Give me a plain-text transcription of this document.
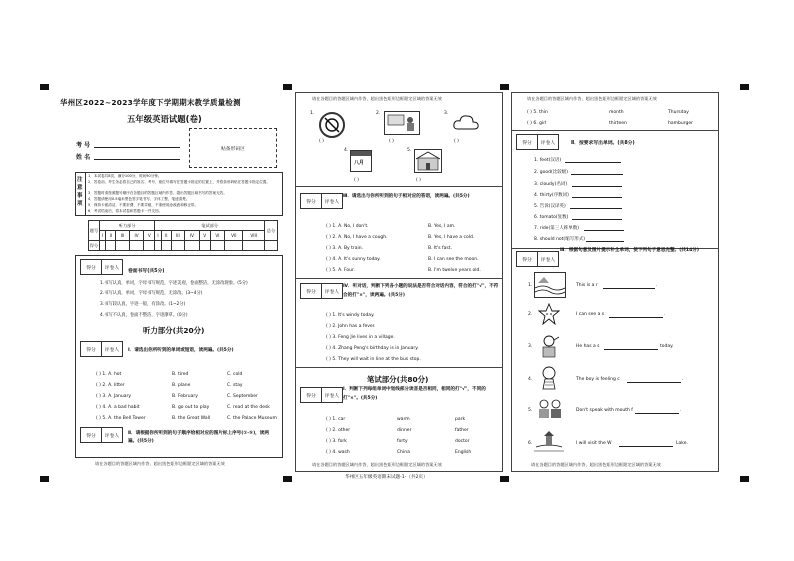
华州区2022~2023学年度下学期期末教学质量检测
五年级英语试题(卷)
考 号
姓 名
贴条形码区
注意事项
1．本试卷共8页，满分100分，时间90分钟。
2．答卷前，考生务必将自己的姓名、考号、座位号填写在答题卡指定的位置上，并将条形码贴在答题卡指定位置。
3．答题时请按照题号顺序在各题目的答题区域内作答，超出答题区域书写的答案无效。
4．答题请使用0.5毫米黑色签字笔书写，字体工整，笔迹清楚。
5．保持卡面清洁，不要折叠、不要弄破，不准使用涂改液和修正带。
6．考试结束后，将本试卷和答题卡一并交回。
题号	听力部分					笔试部分								总分
	I	II	III	IV	V	I	II	III	IV	V	VI	VII	VIII	
得分														
得分	评卷人
卷面书写(共5分)
1.书写认真，单词，字母书写规范，字迹美观，卷面整洁，无涂改现象。(5分)
2.书写认真，单词，字母书写规范，无涂改。(3~4分)
3.书写较认真，字迹一般，有涂改。(1~2分)
4.书写不认真，卷面不整洁，字迹潦草。(0分)
听力部分(共20分)
得分	评卷人	Ⅰ．请选出你所听到的单词或短语，读两遍。(共5分)
( ) 1. A. hot	B. tired	C. cold
( ) 2. A. litter	B. plane	C. stay
( ) 3. A. January	B. February	C. September
( ) 4. A. a bad habit	B. go out to play	C. read at the desk
( ) 5. A. the Bell Tower	B. the Great Wall	C. the Palace Museum
得分	评卷人	Ⅱ．请根据你所听到的句子顺序给相对应的图片标上序号(①-⑤)，读两遍。(共5分)
请在各题目的答题区域内作答，超出黑色矩形边框限定区域的答案无效
请在各题目的答题区域内作答，超出黑色矩形边框限定区域的答案无效
1.	2.	3.
( )	( )	( )
4.
八月
5.
( )	( )
得分	评卷人
Ⅲ．请选出与你所听到的句子相对应的答语，读两遍。(共5分)
( ) 1. A. No, I don't.	B. Yes, I am.
( ) 2. A. No, I have a cough.	B. Yes, I have a cold.
( ) 3. A. By train.	B. It's fast.
( ) 4. A. It's sunny today.	B. I can see the moon.
( ) 5. A. Four.	B. I'm twelve years old.
得分	评卷人
Ⅳ．听对话，判断下列各小题的说法是否符合对话内容，符合的打"√"，不符合的打"×"，读两遍。(共5分)
( ) 1. It's windy today.
( ) 2. John has a fever.
( ) 3. Feng Jie lives in a village.
( ) 4. Zhang Peng's birthday is in January.
( ) 5. They will wait in line at the bus stop.
笔试部分(共80分)
得分	评卷人
Ⅰ．判断下列每组单词中划线部分读音是否相同，相同的打"√"，不同的打"×"。(共5分)
( ) 1. car	warm	park
( ) 2. other	dinner	father
( ) 3. fork	forty	doctor
( ) 4. wash	China	English
请在各题目的答题区域内作答，超出黑色矩形边框限定区域的答案无效
华州区五年级英语期末试题-1-（共2页）
请在各题目的答题区域内作答，超出黑色矩形边框限定区域的答案无效
( ) 5. thin	month	Thursday
( ) 6. girl	thirteen	hamburger
得分	评卷人	Ⅱ．按要求写出单词。(共8分)
1. feet(汉语)
2. good(比较级)
3. cloudy(名词)
4. thirty(序数词)
5. 告诉(汉译英)
6. tomato(复数)
7. ride(第三人称单数)
8. should not(缩写形式)
得分	评卷人
Ⅲ．根据句意及图片提示补全单词，使下列句子意思完整。(共14分)
1.	This is a r	.
2.	I can see a s	.
3.	He has a s	today.
4.	The boy is feeling c	.
5.	Don't speak with mouth f	.
6.	I will visit the W	Lake.
请在各题目的答题区域内作答，超出黑色矩形边框限定区域的答案无效
